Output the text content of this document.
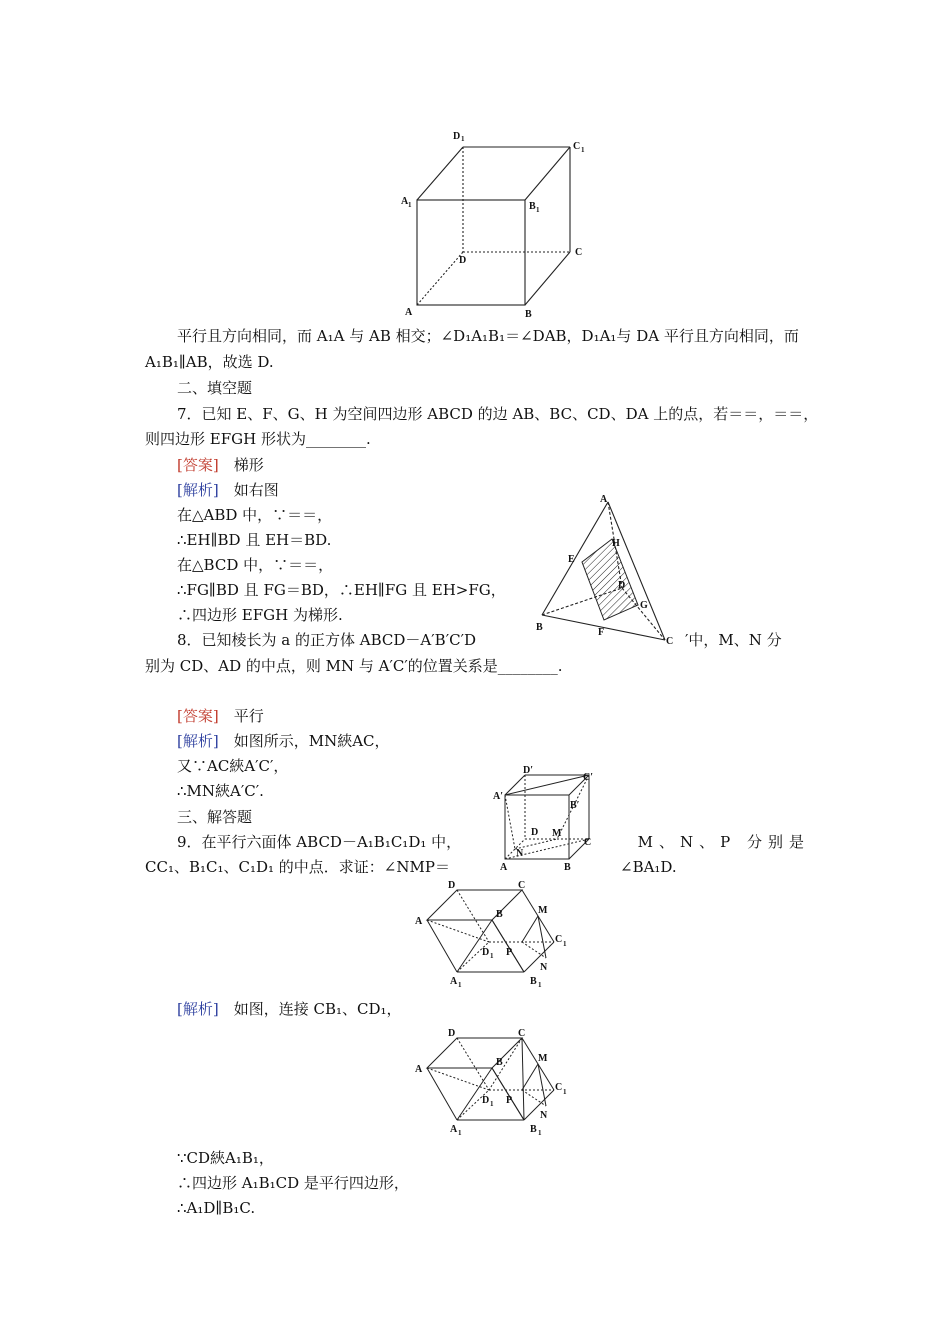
D 1
C 1
A 1	B 1
C
D
A	B
平行且方向相同，而 A₁A 与 AB 相交；∠D₁A₁B₁＝∠DAB，D₁A₁与 DA 平行且方向相同，而
A₁B₁∥AB，故选 D.
二、填空题
7．已知 E、F、G、H 为空间四边形 ABCD 的边 AB、BC、CD、DA 上的点，若＝＝，＝＝，
则四边形 EFGH 形状为________.
[答案]　 梯形
[解析]　 如右图
在△ABD 中，∵＝＝，
∴EH∥BD 且 EH＝BD.
在△BCD 中，∵＝＝，
∴FG∥BD 且 FG＝BD，∴EH∥FG 且 EH>FG，
∴四边形 EFGH 为梯形.
A
H
E
D
G
B	F
C
8．已知棱长为 a 的正方体 ABCD－A′B′C′D	′中，M、N 分
别为 CD、AD 的中点，则 MN 与 A′C′的位置关系是________.
[答案]　 平行
[解析]　 如图所示，MN綊AC，
又∵AC綊A′C′，
∴MN綊A′C′.
三、解答题
D′
C′
A′
B′
D M
C
N
A	B
9．在平行六面体 ABCD－A₁B₁C₁D₁ 中，	M、N、P 分别是
CC₁、B₁C₁、C₁D₁ 的中点．求证：∠NMP＝	∠BA₁D.
D	C
A
B	M
C 1
D 1 P
N
A 1	B 1
[解析]　 如图，连接 CB₁、CD₁，
D	C
A
B	M
C 1
D 1 P
N
A 1	B 1
∵CD綊A₁B₁，
∴四边形 A₁B₁CD 是平行四边形，
∴A₁D∥B₁C.
